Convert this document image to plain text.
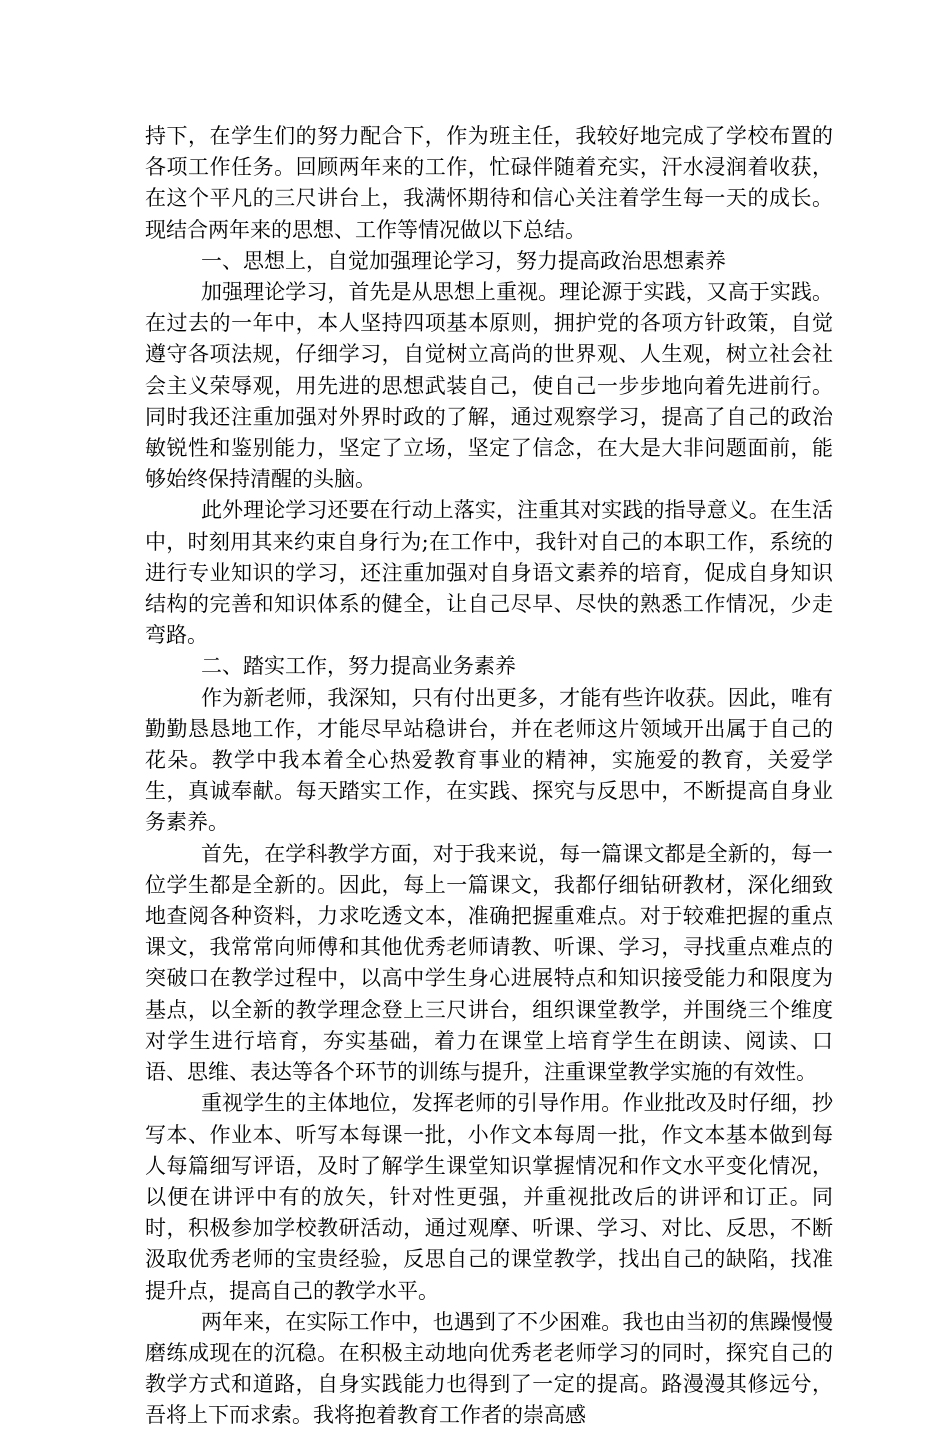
持下，在学生们的努力配合下，作为班主任，我较好地完成了学校布置的各项工作任务。回顾两年来的工作，忙碌伴随着充实，汗水浸润着收获，在这个平凡的三尺讲台上，我满怀期待和信心关注着学生每一天的成长。现结合两年来的思想、工作等情况做以下总结。

一、思想上，自觉加强理论学习，努力提高政治思想素养

加强理论学习，首先是从思想上重视。理论源于实践，又高于实践。在过去的一年中，本人坚持四项基本原则，拥护党的各项方针政策，自觉遵守各项法规，仔细学习，自觉树立高尚的世界观、人生观，树立社会社会主义荣辱观，用先进的思想武装自己，使自己一步步地向着先进前行。同时我还注重加强对外界时政的了解，通过观察学习，提高了自己的政治敏锐性和鉴别能力，坚定了立场，坚定了信念，在大是大非问题面前，能够始终保持清醒的头脑。

此外理论学习还要在行动上落实，注重其对实践的指导意义。在生活中，时刻用其来约束自身行为;在工作中，我针对自己的本职工作，系统的进行专业知识的学习，还注重加强对自身语文素养的培育，促成自身知识结构的完善和知识体系的健全，让自己尽早、尽快的熟悉工作情况，少走弯路。

二、踏实工作，努力提高业务素养

作为新老师，我深知，只有付出更多，才能有些许收获。因此，唯有勤勤恳恳地工作，才能尽早站稳讲台，并在老师这片领域开出属于自己的花朵。教学中我本着全心热爱教育事业的精神，实施爱的教育，关爱学生，真诚奉献。每天踏实工作，在实践、探究与反思中，不断提高自身业务素养。

首先，在学科教学方面，对于我来说，每一篇课文都是全新的，每一位学生都是全新的。因此，每上一篇课文，我都仔细钻研教材，深化细致地查阅各种资料，力求吃透文本，准确把握重难点。对于较难把握的重点课文，我常常向师傅和其他优秀老师请教、听课、学习，寻找重点难点的突破口在教学过程中，以高中学生身心进展特点和知识接受能力和限度为基点，以全新的教学理念登上三尺讲台，组织课堂教学，并围绕三个维度对学生进行培育，夯实基础，着力在课堂上培育学生在朗读、阅读、口语、思维、表达等各个环节的训练与提升，注重课堂教学实施的有效性。

重视学生的主体地位，发挥老师的引导作用。作业批改及时仔细，抄写本、作业本、听写本每课一批，小作文本每周一批，作文本基本做到每人每篇细写评语，及时了解学生课堂知识掌握情况和作文水平变化情况，以便在讲评中有的放矢，针对性更强，并重视批改后的讲评和订正。同时，积极参加学校教研活动，通过观摩、听课、学习、对比、反思，不断汲取优秀老师的宝贵经验，反思自己的课堂教学，找出自己的缺陷，找准提升点，提高自己的教学水平。

两年来，在实际工作中，也遇到了不少困难。我也由当初的焦躁慢慢磨练成现在的沉稳。在积极主动地向优秀老老师学习的同时，探究自己的教学方式和道路，自身实践能力也得到了一定的提高。路漫漫其修远兮，吾将上下而求索。我将抱着教育工作者的崇高感
